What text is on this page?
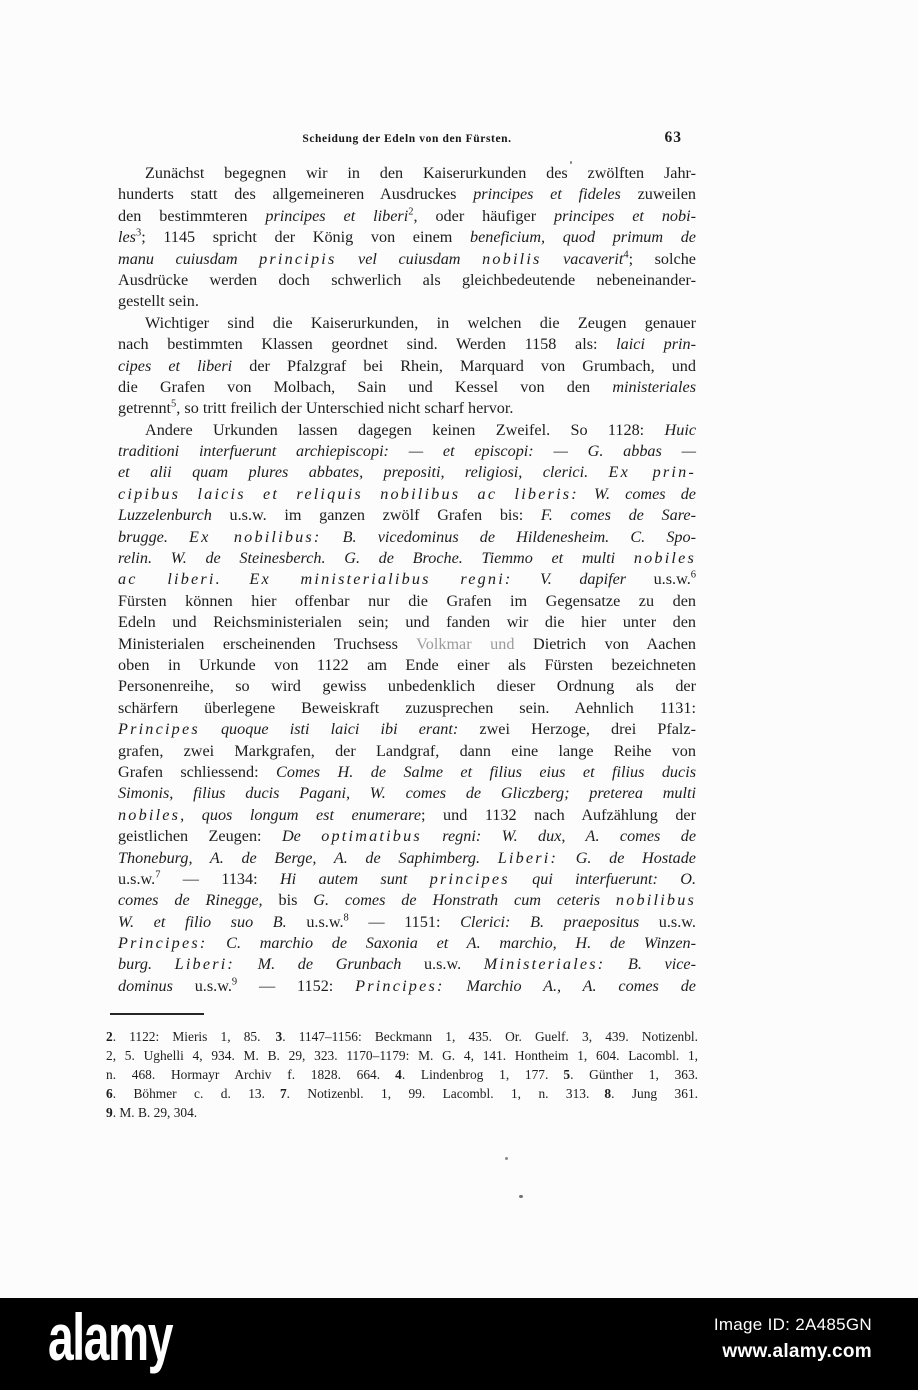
Scheidung der Edeln von den Fürsten.	63
Zunächst begegnen wir in den Kaiserurkunden des zwölften Jahr-
hunderts statt des allgemeineren Ausdruckes principes et fideles zuweilen
den bestimmteren principes et liberi$^2$, oder häufiger principes et nobi-
les$^3$; 1145 spricht der König von einem beneficium, quod primum de
manu cuiusdam principis vel cuiusdam nobilis vacaverit$^4$; solche
Ausdrücke werden doch schwerlich als gleichbedeutende nebeneinander-
gestellt sein.
Wichtiger sind die Kaiserurkunden, in welchen die Zeugen genauer
nach bestimmten Klassen geordnet sind. Werden 1158 als: laici prin-
cipes et liberi der Pfalzgraf bei Rhein, Marquard von Grumbach, und
die Grafen von Molbach, Sain und Kessel von den ministeriales
getrennt$^5$, so tritt freilich der Unterschied nicht scharf hervor.
Andere Urkunden lassen dagegen keinen Zweifel. So 1128: Huic
traditioni interfuerunt archiepiscopi: — et episcopi: — G. abbas —
et alii quam plures abbates, prepositi, religiosi, clerici. Ex prin-
cipibus laicis et reliquis nobilibus ac liberis: W. comes de
Luzzelenburch u.s.w. im ganzen zwölf Grafen bis: F. comes de Sare-
brugge. Ex nobilibus: B. vicedominus de Hildenesheim. C. Spo-
relin. W. de Steinesberch. G. de Broche. Tiemmo et multi nobiles
ac liberi. Ex ministerialibus regni: V. dapifer u.s.w.$^6$
Fürsten können hier offenbar nur die Grafen im Gegensatze zu den
Edeln und Reichsministerialen sein; und fanden wir die hier unter den
Ministerialen erscheinenden Truchsess Volkmar und Dietrich von Aachen
oben in Urkunde von 1122 am Ende einer als Fürsten bezeichneten
Personenreihe, so wird gewiss unbedenklich dieser Ordnung als der
schärfern überlegene Beweiskraft zuzusprechen sein. Aehnlich 1131:
Principes quoque isti laici ibi erant: zwei Herzoge, drei Pfalz-
grafen, zwei Markgrafen, der Landgraf, dann eine lange Reihe von
Grafen schliessend: Comes H. de Salme et filius eius et filius ducis
Simonis, filius ducis Pagani, W. comes de Gliczberg; preterea multi
nobiles, quos longum est enumerare; und 1132 nach Aufzählung der
geistlichen Zeugen: De optimatibus regni: W. dux, A. comes de
Thoneburg, A. de Berge, A. de Saphimberg. Liberi: G. de Hostade
u.s.w.$^7$ — 1134: Hi autem sunt principes qui interfuerunt: O.
comes de Rinegge, bis G. comes de Honstrath cum ceteris nobilibus
W. et filio suo B. u.s.w.$^8$ — 1151: Clerici: B. praepositus u.s.w.
Principes: C. marchio de Saxonia et A. marchio, H. de Winzen-
burg. Liberi: M. de Grunbach u.s.w. Ministeriales: B. vice-
dominus u.s.w.$^9$ — 1152: Principes: Marchio A., A. comes de
2. 1122: Mieris 1, 85. 3. 1147–1156: Beckmann 1, 435. Or. Guelf. 3, 439. Notizenbl.
2, 5. Ughelli 4, 934. M. B. 29, 323. 1170–1179: M. G. 4, 141. Hontheim 1, 604. Lacombl. 1,
n. 468. Hormayr Archiv f. 1828. 664. 4. Lindenbrog 1, 177. 5. Günther 1, 363.
6. Böhmer c. d. 13. 7. Notizenbl. 1, 99. Lacombl. 1, n. 313. 8. Jung 361.
9. M. B. 29, 304.
alamy	Image ID: 2A485GN
www.alamy.com
